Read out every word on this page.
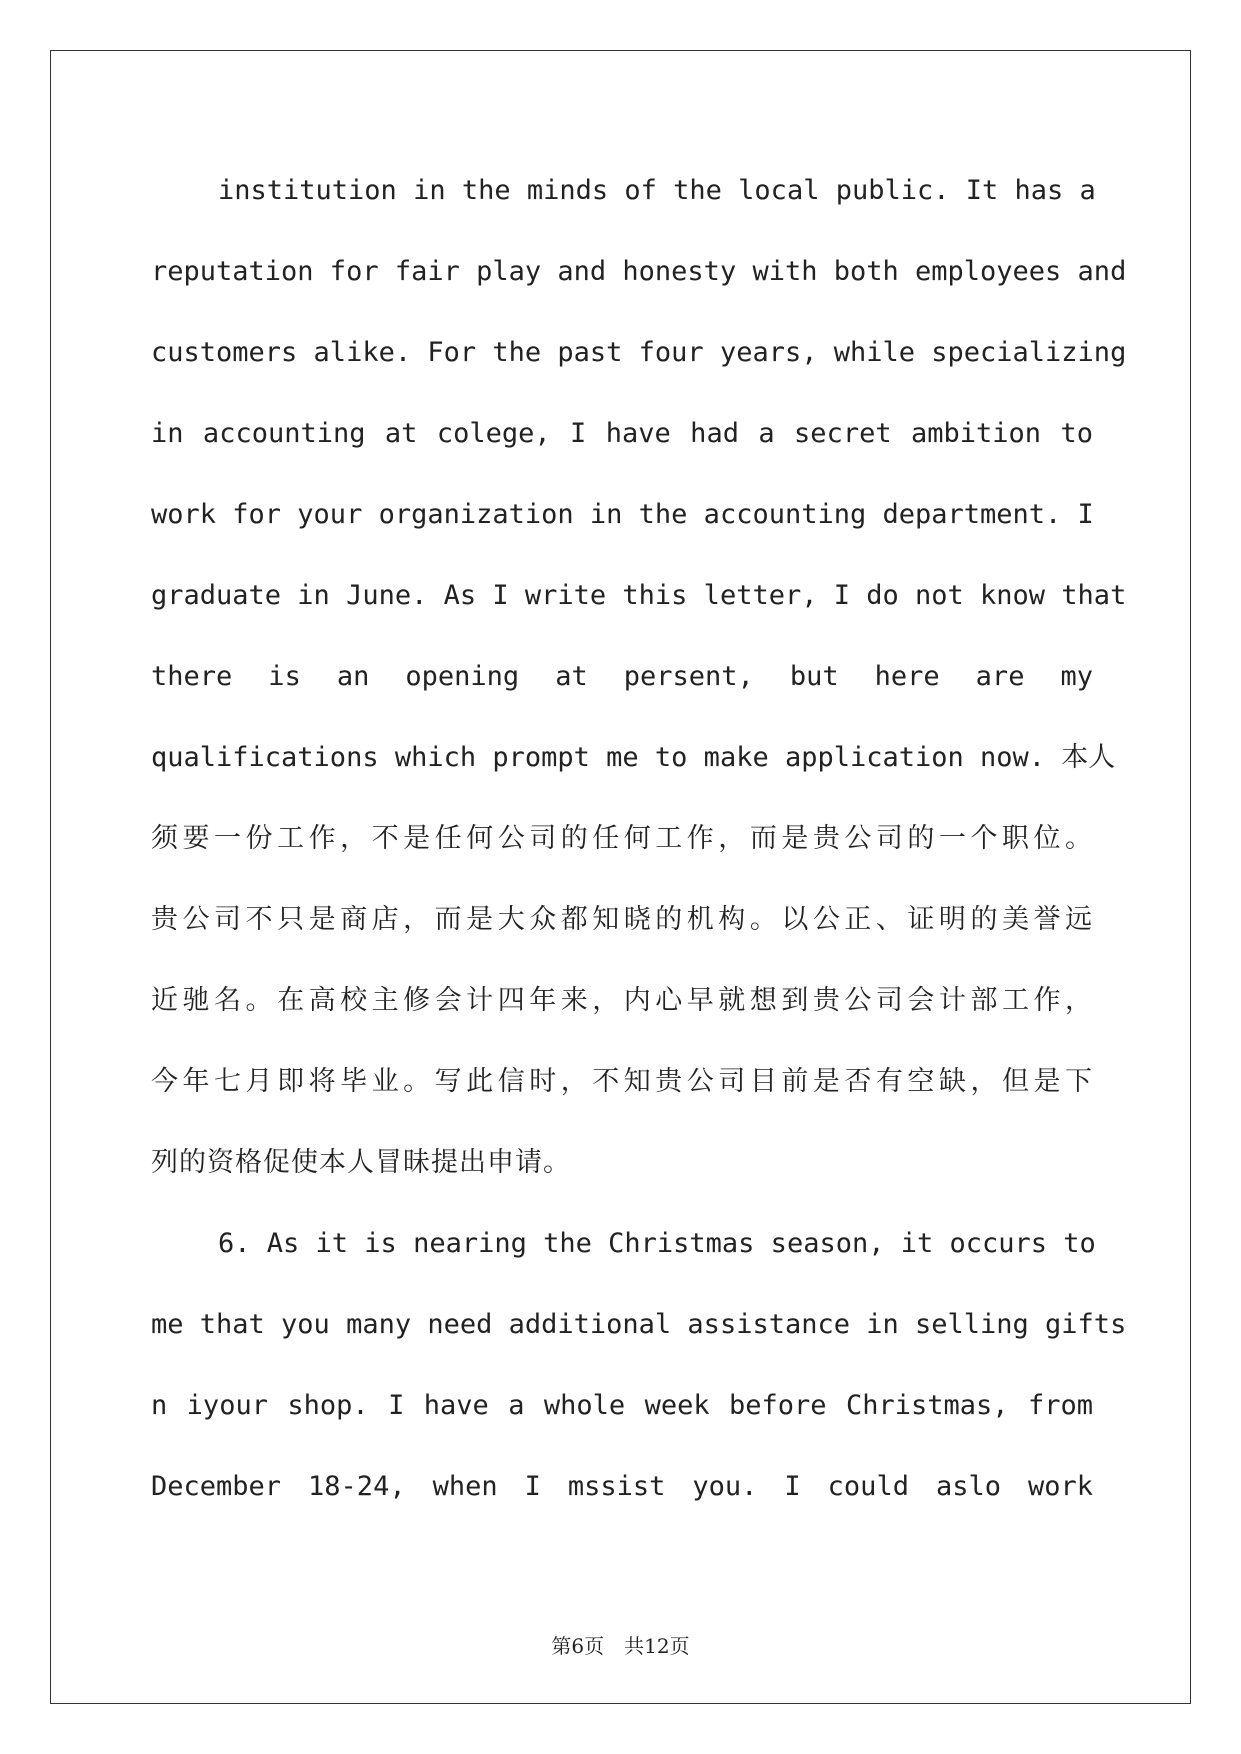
institution in the minds of the local public. It has a
reputation for fair play and honesty with both employees and
customers alike. For the past four years, while specializing
in accounting at colege, I have had a secret ambition to
work for your organization in the accounting department. I
graduate in June. As I write this letter, I do not know that
there is an opening at persent, but here are my
qualifications which prompt me to make application now. 本人
须要一份工作，不是任何公司的任何工作，而是贵公司的一个职位。
贵公司不只是商店，而是大众都知晓的机构。以公正、证明的美誉远
近驰名。在高校主修会计四年来，内心早就想到贵公司会计部工作，
今年七月即将毕业。写此信时，不知贵公司目前是否有空缺，但是下
列的资格促使本人冒昧提出申请。
6. As it is nearing the Christmas season, it occurs to
me that you many need additional assistance in selling gifts
n iyour shop. I have a whole week before Christmas, from
December 18-24, when I mssist you. I could aslo work
第6页　共12页
